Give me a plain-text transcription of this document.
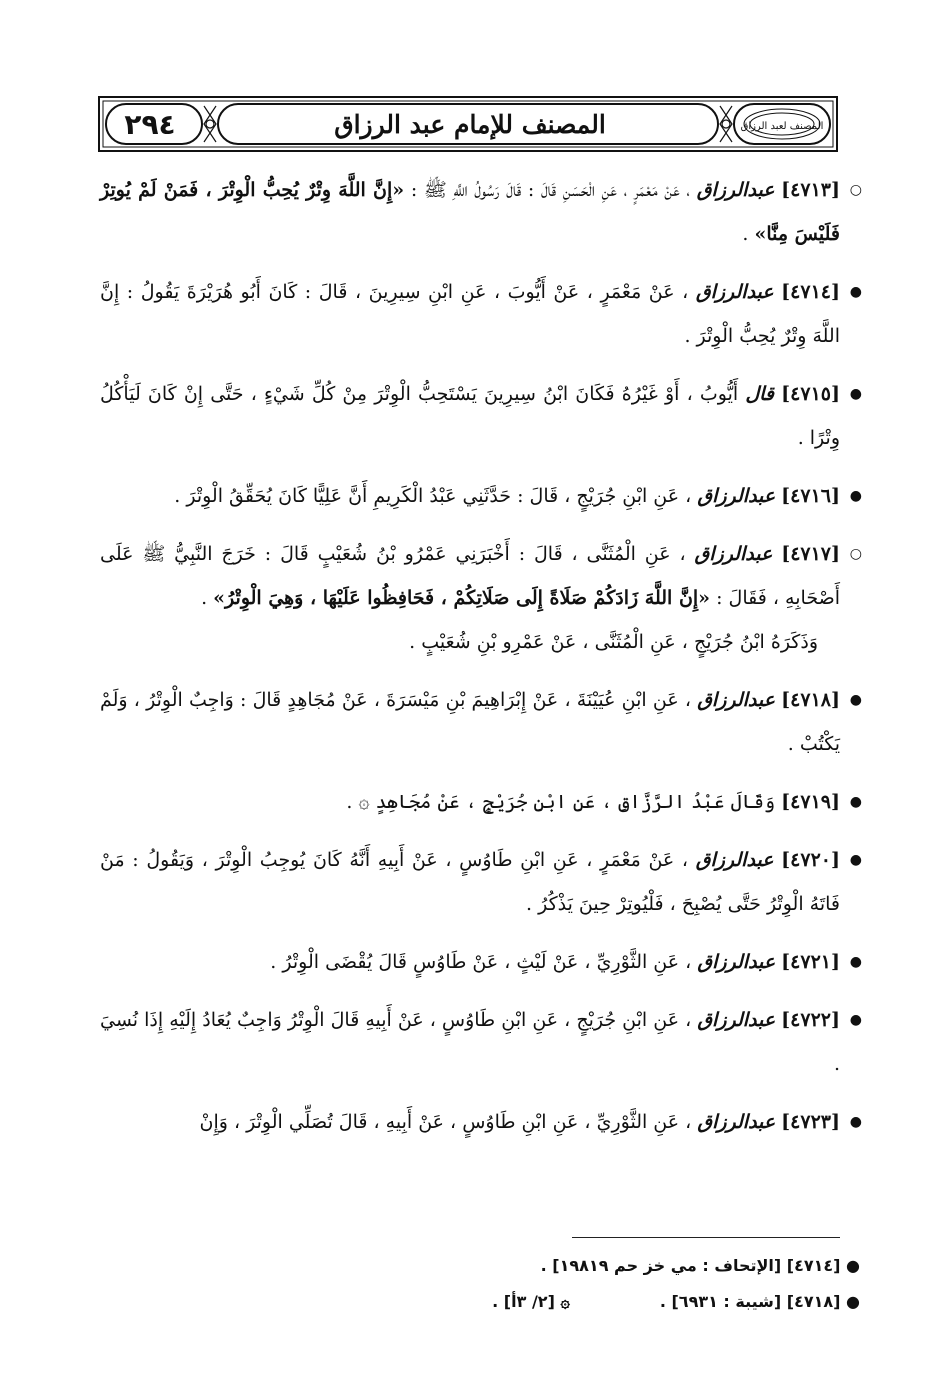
المصنف لعبد الرزاق
٢٩٤	المصنف للإمام عبد الرزاق
○
[٤٧١٣] عبدالرزاق ، عَنْ مَعْمَرٍ ، عَنِ الْحَسَنِ قَالَ : قَالَ رَسُولُ اللَّهِ ﷺ : «إِنَّ اللَّهَ وِتْرٌ يُحِبُّ الْوِتْرَ ، فَمَنْ لَمْ يُوتِرْ فَلَيْسَ مِنَّا» .
●
[٤٧١٤] عبدالرزاق ، عَنْ مَعْمَرٍ ، عَنْ أَيُّوبَ ، عَنِ ابْنِ سِيرِينَ ، قَالَ : كَانَ أَبُو هُرَيْرَةَ يَقُولُ : إِنَّ اللَّهَ وِتْرٌ يُحِبُّ الْوِتْرَ .
●
[٤٧١٥] قال أَيُّوبُ ، أَوْ غَيْرُهُ فَكَانَ ابْنُ سِيرِينَ يَسْتَحِبُّ الْوِتْرَ مِنْ كُلِّ شَيْءٍ ، حَتَّى إِنْ كَانَ لَيَأْكُلُ وِتْرًا .
●
[٤٧١٦] عبدالرزاق ، عَنِ ابْنِ جُرَيْجٍ ، قَالَ : حَدَّثَنِي عَبْدُ الْكَرِيمِ أَنَّ عَلِيًّا كَانَ يُحَقِّقُ الْوِتْرَ .
○
[٤٧١٧] عبدالرزاق ، عَنِ الْمُثَنَّى ، قَالَ : أَخْبَرَنِي عَمْرُو بْنُ شُعَيْبٍ قَالَ : خَرَجَ النَّبِيُّ ﷺ عَلَى أَصْحَابِهِ ، فَقَالَ : «إِنَّ اللَّهَ زَادَكُمْ صَلَاةً إِلَى صَلَاتِكُمْ ، فَحَافِظُوا عَلَيْهَا ، وَهِيَ الْوِتْرُ» .
وَذَكَرَهُ ابْنُ جُرَيْجٍ ، عَنِ الْمُثَنَّى ، عَنْ عَمْرِو بْنِ شُعَيْبٍ .
●
[٤٧١٨] عبدالرزاق ، عَنِ ابْنِ عُيَيْنَةَ ، عَنْ إِبْرَاهِيمَ بْنِ مَيْسَرَةَ ، عَنْ مُجَاهِدٍ قَالَ : وَاجِبٌ الْوِتْرُ ، وَلَمْ يَكْتُبْ .
●
[٤٧١٩] وَقَالَ عَبْدُ الرَّزَّاقِ ، عَنِ ابْنِ جُرَيْجٍ ، عَنْ مُجَاهِدٍ ۞ .
●
[٤٧٢٠] عبدالرزاق ، عَنْ مَعْمَرٍ ، عَنِ ابْنِ طَاوُسٍ ، عَنْ أَبِيهِ أَنَّهُ كَانَ يُوجِبُ الْوِتْرَ ، وَيَقُولُ : مَنْ فَاتَهُ الْوِتْرُ حَتَّى يُصْبِحَ ، فَلْيُوتِرْ حِينَ يَذْكُرُ .
●
[٤٧٢١] عبدالرزاق ، عَنِ الثَّوْرِيِّ ، عَنْ لَيْثٍ ، عَنْ طَاوُسٍ قَالَ يُقْضَى الْوِتْرُ .
●
[٤٧٢٢] عبدالرزاق ، عَنِ ابْنِ جُرَيْجٍ ، عَنِ ابْنِ طَاوُسٍ ، عَنْ أَبِيهِ قَالَ الْوِتْرُ وَاجِبٌ يُعَادُ إِلَيْهِ إِذَا نُسِيَ .
●
[٤٧٢٣] عبدالرزاق ، عَنِ الثَّوْرِيِّ ، عَنِ ابْنِ طَاوُسٍ ، عَنْ أَبِيهِ ، قَالَ تُصَلِّي الْوِتْرَ ، وَإِنْ
● [٤٧١٤] [الإتحاف : مي خز حم ١٩٨١٩] .
● [٤٧١٨] [شيبة : ٦٩٣١] .
۞ [٢/ ٣أ] .
